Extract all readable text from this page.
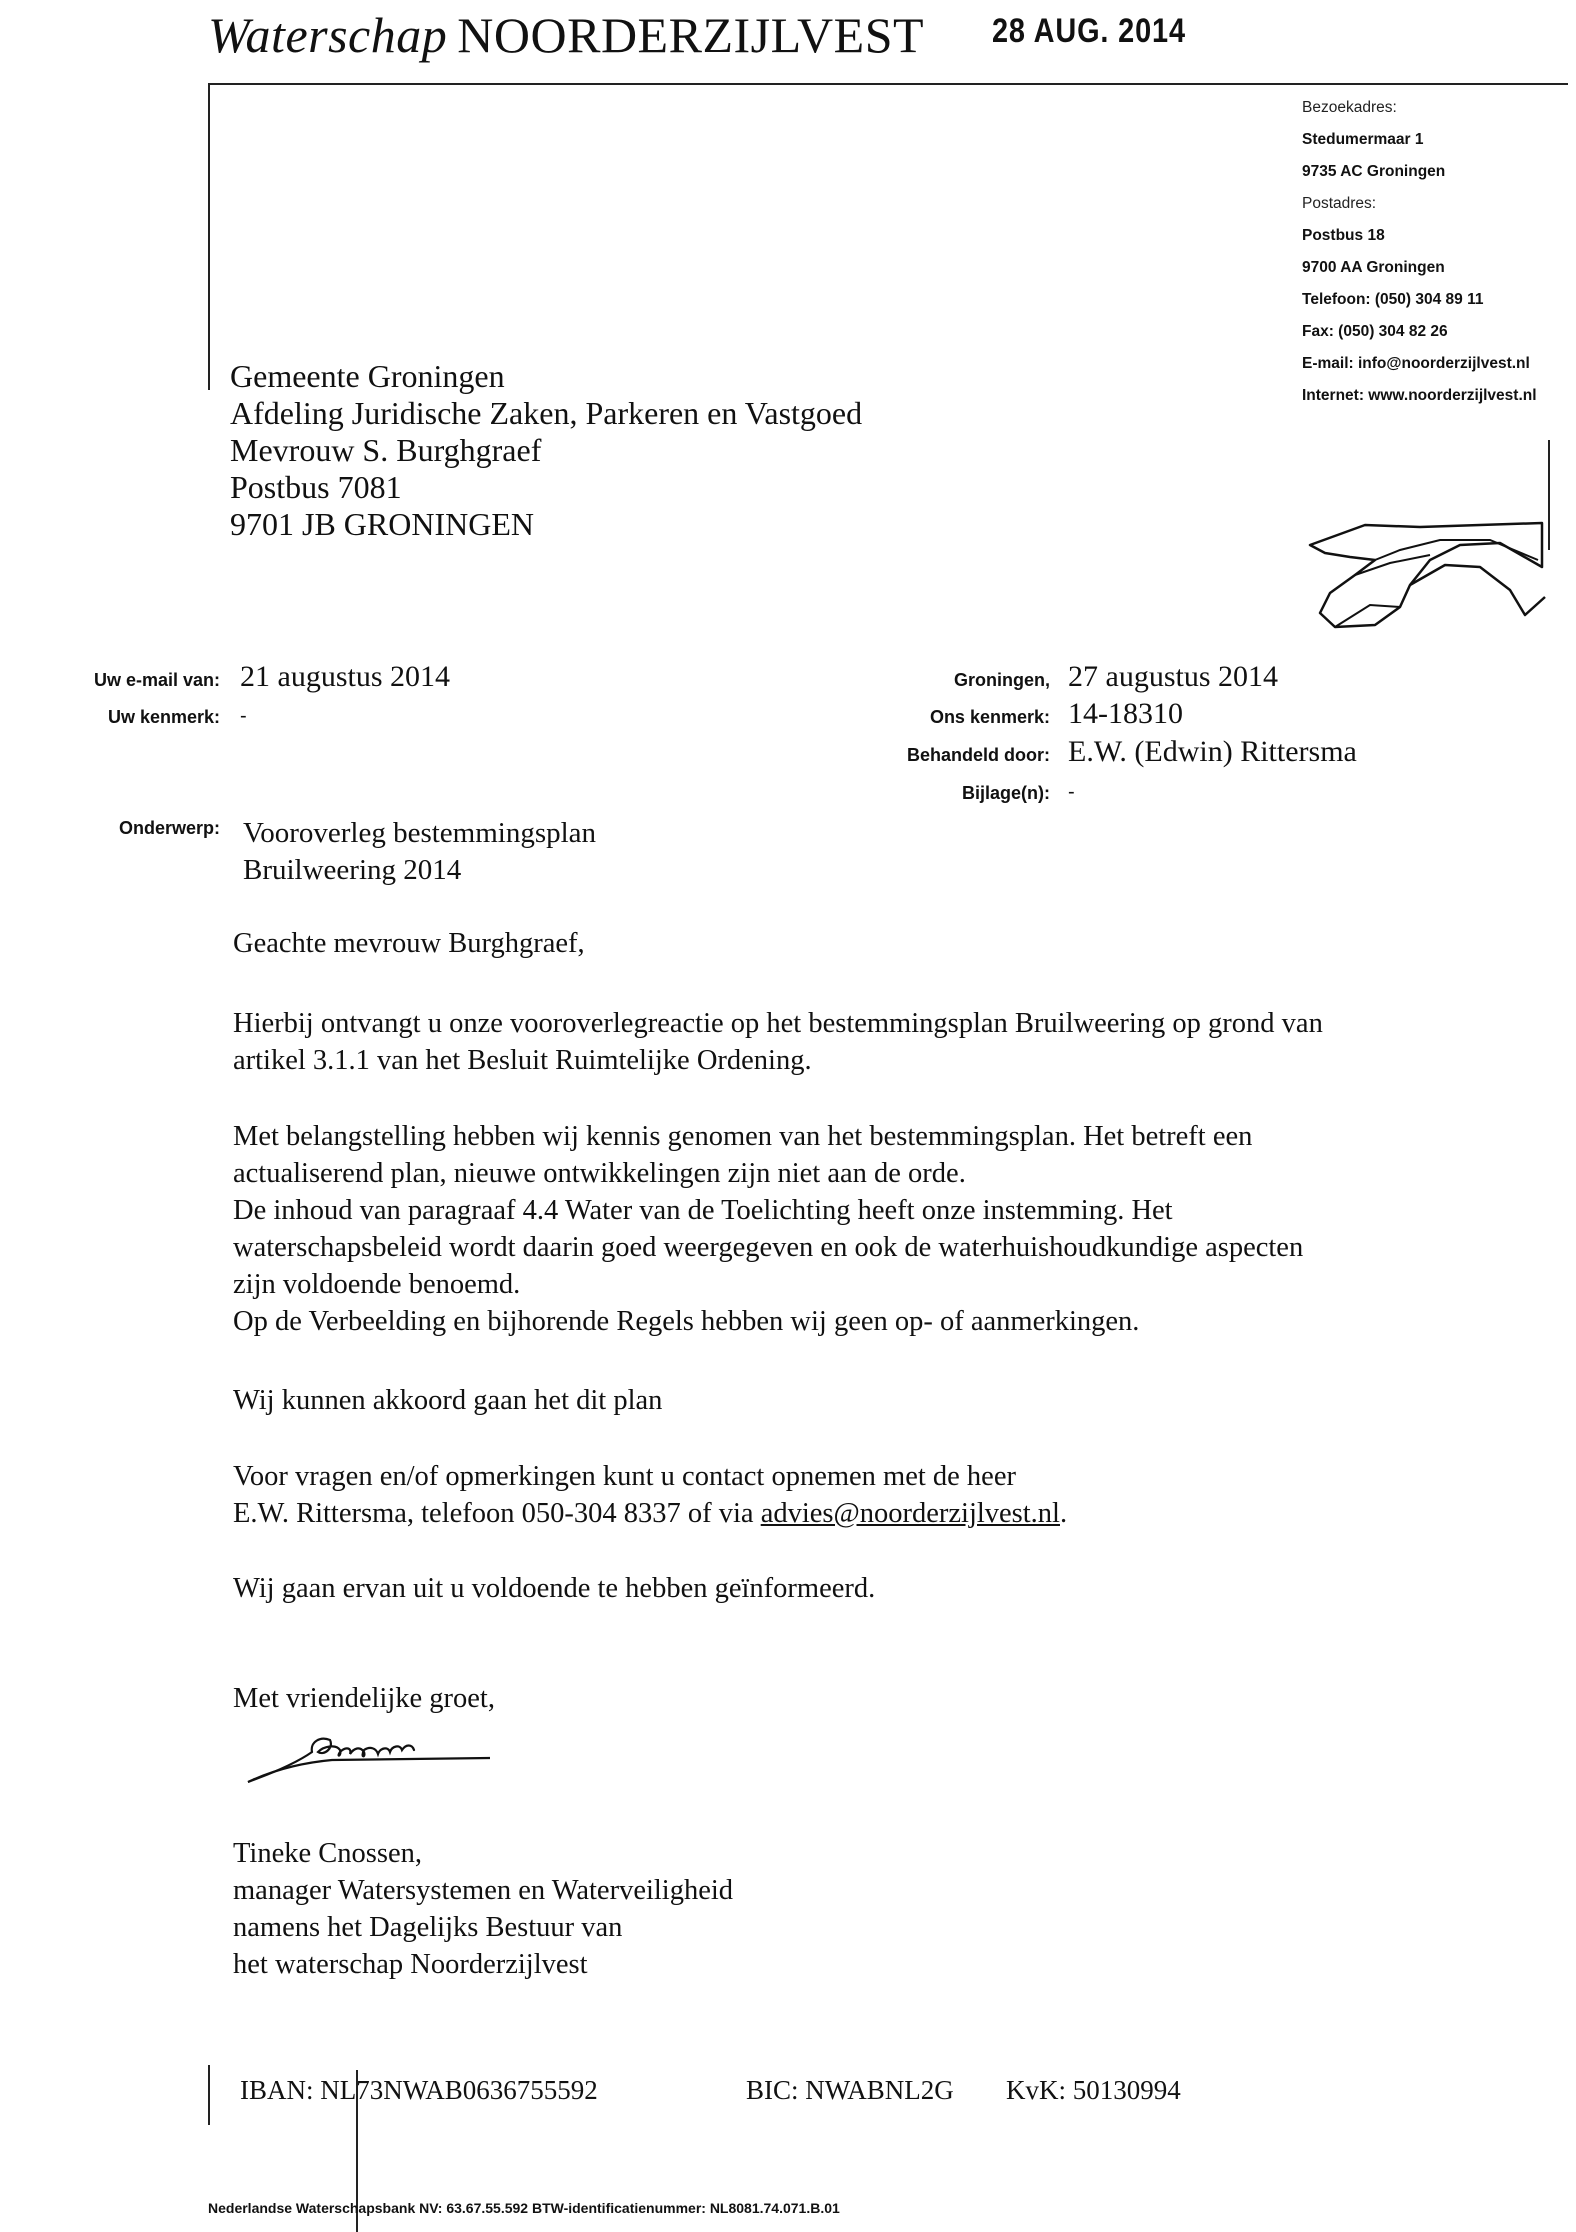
Waterschap NOORDERZIJLVEST 28 AUG. 2014
Bezoekadres:
Stedumermaar 1
9735 AC Groningen
Postadres:
Postbus 18
9700 AA Groningen
Telefoon: (050) 304 89 11
Fax: (050) 304 82 26
E-mail: info@noorderzijlvest.nl
Internet: www.noorderzijlvest.nl
Gemeente Groningen
Afdeling Juridische Zaken, Parkeren en Vastgoed
Mevrouw S. Burghgraef
Postbus 7081
9701 JB GRONINGEN
Uw e-mail van: 21 augustus 2014
Uw kenmerk: -
Groningen, 27 augustus 2014
Ons kenmerk: 14-18310
Behandeld door: E.W. (Edwin) Rittersma
Bijlage(n): -
Onderwerp: Vooroverleg bestemmingsplan
Bruilweering 2014
Geachte mevrouw Burghgraef,
Hierbij ontvangt u onze vooroverlegreactie op het bestemmingsplan Bruilweering op grond van
artikel 3.1.1 van het Besluit Ruimtelijke Ordening.
Met belangstelling hebben wij kennis genomen van het bestemmingsplan. Het betreft een
actualiserend plan, nieuwe ontwikkelingen zijn niet aan de orde.
De inhoud van paragraaf 4.4 Water van de Toelichting heeft onze instemming. Het
waterschapsbeleid wordt daarin goed weergegeven en ook de waterhuishoudkundige aspecten
zijn voldoende benoemd.
Op de Verbeelding en bijhorende Regels hebben wij geen op- of aanmerkingen.
Wij kunnen akkoord gaan het dit plan
Voor vragen en/of opmerkingen kunt u contact opnemen met de heer
E.W. Rittersma, telefoon 050-304 8337 of via advies@noorderzijlvest.nl.
Wij gaan ervan uit u voldoende te hebben geïnformeerd.
Met vriendelijke groet,
Tineke Cnossen,
manager Watersystemen en Waterveiligheid
namens het Dagelijks Bestuur van
het waterschap Noorderzijlvest
IBAN: NL73NWAB0636755592	BIC: NWABNL2G KvK: 50130994
Nederlandse Waterschapsbank NV: 63.67.55.592 BTW-identificatienummer: NL8081.74.071.B.01
